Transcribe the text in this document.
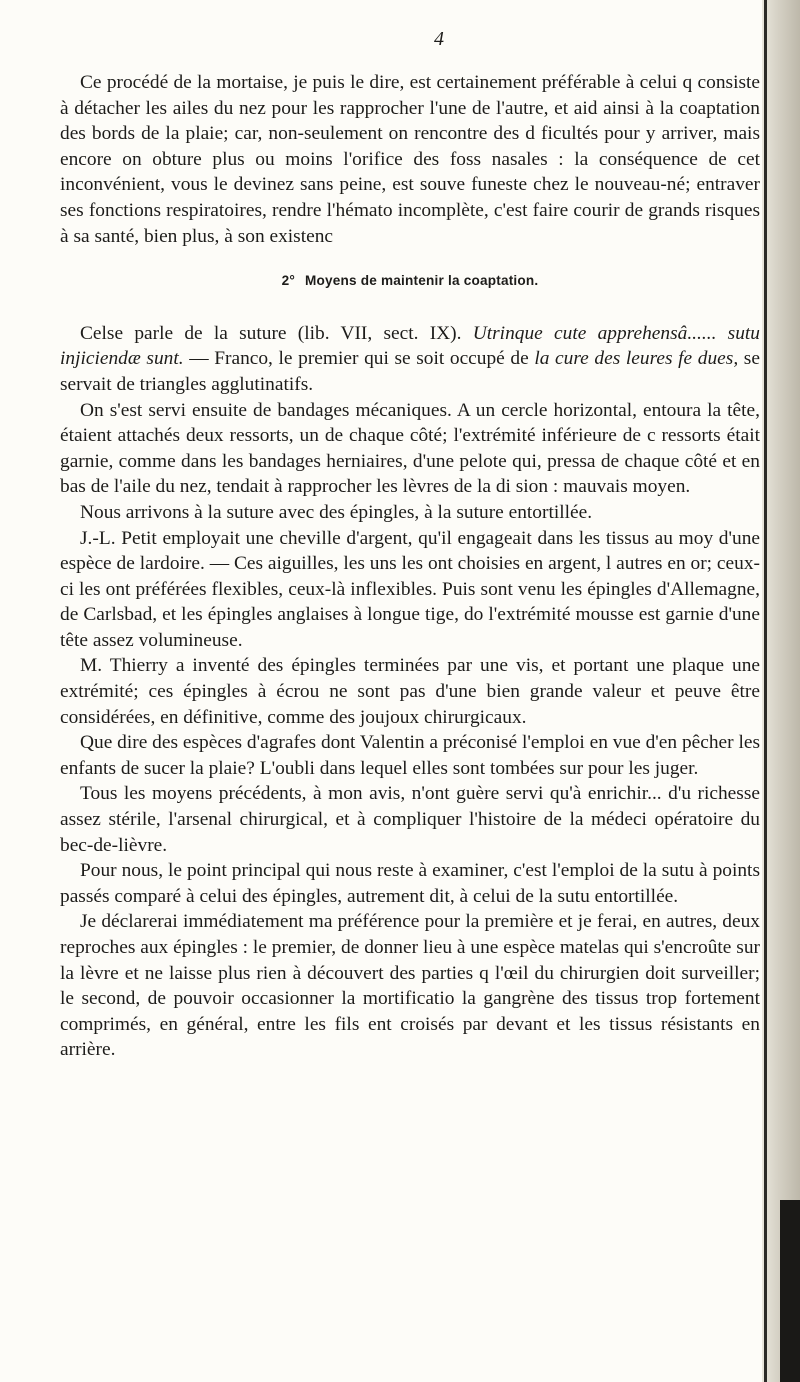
4

Ce procédé de la mortaise, je puis le dire, est certainement préférable à celui q consiste à détacher les ailes du nez pour les rapprocher l'une de l'autre, et aid ainsi à la coaptation des bords de la plaie; car, non-seulement on rencontre des d ficultés pour y arriver, mais encore on obture plus ou moins l'orifice des foss nasales : la conséquence de cet inconvénient, vous le devinez sans peine, est souve funeste chez le nouveau-né; entraver ses fonctions respiratoires, rendre l'hémato incomplète, c'est faire courir de grands risques à sa santé, bien plus, à son existenc

2° Moyens de maintenir la coaptation.

Celse parle de la suture (lib. VII, sect. IX). Utrinque cute apprehensâ...... sutu injiciendæ sunt. — Franco, le premier qui se soit occupé de la cure des leures fe dues, se servait de triangles agglutinatifs.

On s'est servi ensuite de bandages mécaniques. A un cercle horizontal, entoura la tête, étaient attachés deux ressorts, un de chaque côté; l'extrémité inférieure de c ressorts était garnie, comme dans les bandages herniaires, d'une pelote qui, pressa de chaque côté et en bas de l'aile du nez, tendait à rapprocher les lèvres de la di sion : mauvais moyen.

Nous arrivons à la suture avec des épingles, à la suture entortillée.

J.-L. Petit employait une cheville d'argent, qu'il engageait dans les tissus au moy d'une espèce de lardoire. — Ces aiguilles, les uns les ont choisies en argent, l autres en or; ceux-ci les ont préférées flexibles, ceux-là inflexibles. Puis sont venu les épingles d'Allemagne, de Carlsbad, et les épingles anglaises à longue tige, do l'extrémité mousse est garnie d'une tête assez volumineuse.

M. Thierry a inventé des épingles terminées par une vis, et portant une plaque une extrémité; ces épingles à écrou ne sont pas d'une bien grande valeur et peuve être considérées, en définitive, comme des joujoux chirurgicaux.

Que dire des espèces d'agrafes dont Valentin a préconisé l'emploi en vue d'en pêcher les enfants de sucer la plaie? L'oubli dans lequel elles sont tombées sur pour les juger.

Tous les moyens précédents, à mon avis, n'ont guère servi qu'à enrichir... d'u richesse assez stérile, l'arsenal chirurgical, et à compliquer l'histoire de la médeci opératoire du bec-de-lièvre.

Pour nous, le point principal qui nous reste à examiner, c'est l'emploi de la sutu à points passés comparé à celui des épingles, autrement dit, à celui de la sutu entortillée.

Je déclarerai immédiatement ma préférence pour la première et je ferai, en autres, deux reproches aux épingles : le premier, de donner lieu à une espèce matelas qui s'encroûte sur la lèvre et ne laisse plus rien à découvert des parties q l'œil du chirurgien doit surveiller; le second, de pouvoir occasionner la mortificatio la gangrène des tissus trop fortement comprimés, en général, entre les fils ent croisés par devant et les tissus résistants en arrière.
